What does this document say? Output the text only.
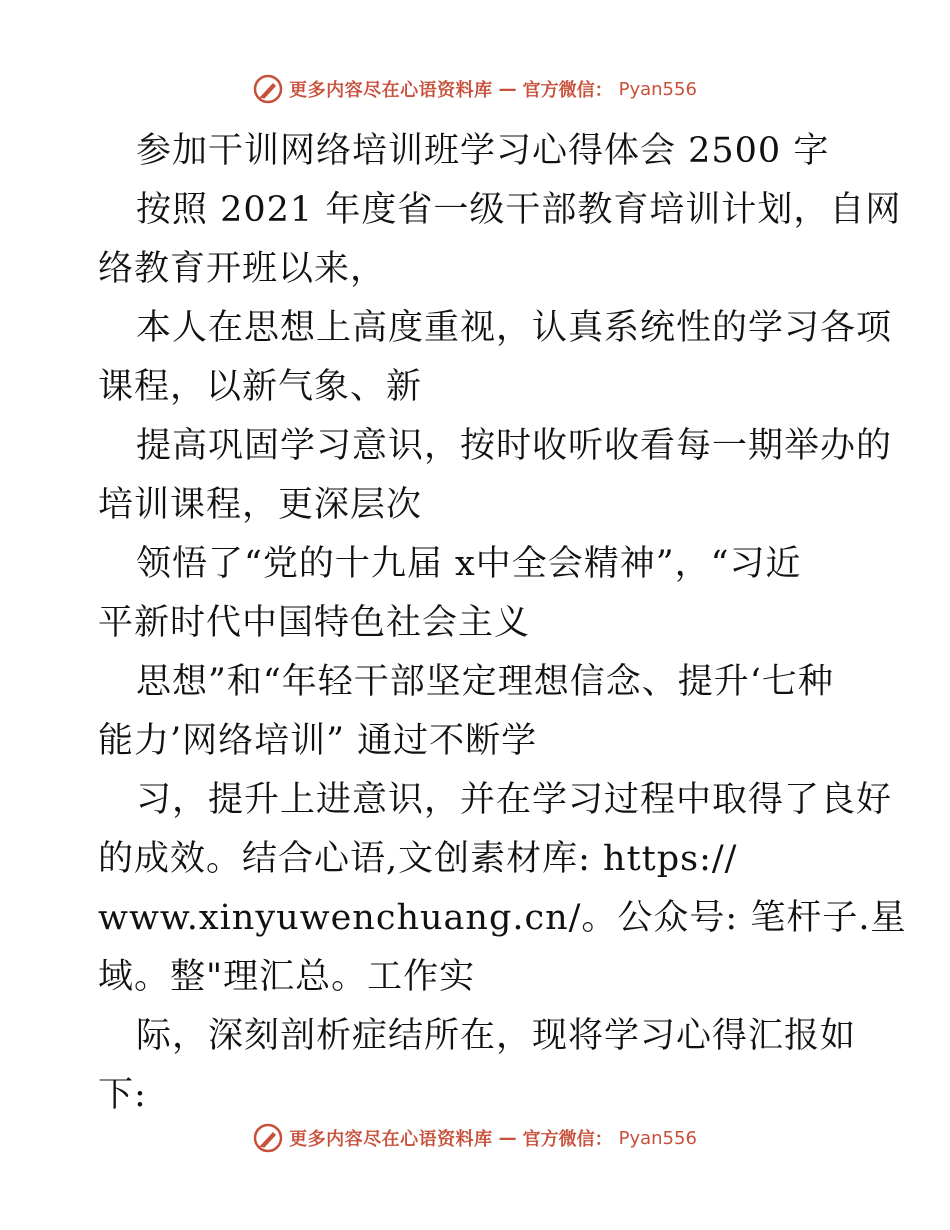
更多内容尽在心语资料库 — 官方微信： Pyan556
参加干训网络培训班学习心得体会 2500 字
按照 2021 年度省一级干部教育培训计划，自网
络教育开班以来，
本人在思想上高度重视，认真系统性的学习各项
课程，以新气象、新
提高巩固学习意识，按时收听收看每一期举办的
培训课程，更深层次
领悟了“党的十九届 x中全会精神”，“习近
平新时代中国特色社会主义
思想”和“年轻干部坚定理想信念、提升‘七种
能力’网络培训” 通过不断学
习，提升上进意识，并在学习过程中取得了良好
的成效。结合心语,文创素材库: https://
www.xinyuwenchuang.cn/。公众号: 笔杆子.星
域。整"理汇总。工作实
际，深刻剖析症结所在，现将学习心得汇报如
下:
更多内容尽在心语资料库 — 官方微信： Pyan556
